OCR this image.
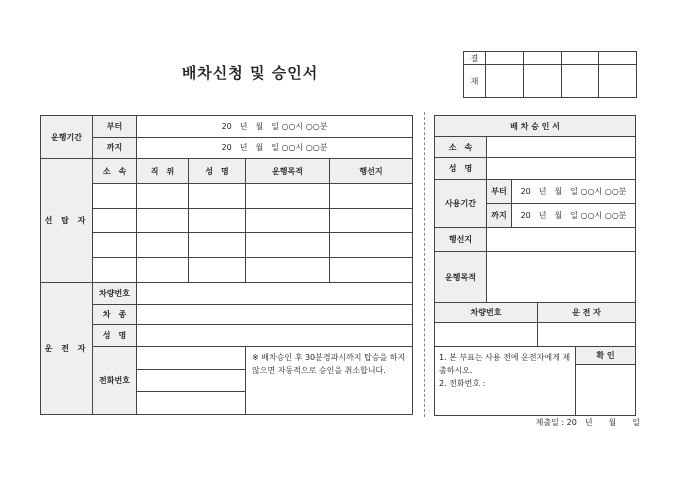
배차신청 및 승인서
결				
재				
운행기간	부터	20　년　월　일 ○○시 ○○분			
	까지	20　년　월　일 ○○시 ○○분			
선 탑 자	소　속	직　위	성　명	운행목적	행선지

운 전 자	차량번호				
	차　종				
	성　명				
	전화번호			※ 배차승인 후 30분경과시까지 탑승을 하지 않으면 자동적으로 승인을 취소합니다.	

배 차 승 인 서		
소　속		
성　명		
사용기간	부터	20　년　월　일 ○○시 ○○분
	까지	20　년　월　일 ○○시 ○○분
행선지		
운행목적		
차량번호	운 전 자	

1. 본 부표는 사용 전에 운전자에게 제출하시오.
2. 전화번호 :		확 인

제출일 : 20　년　　월　　일
